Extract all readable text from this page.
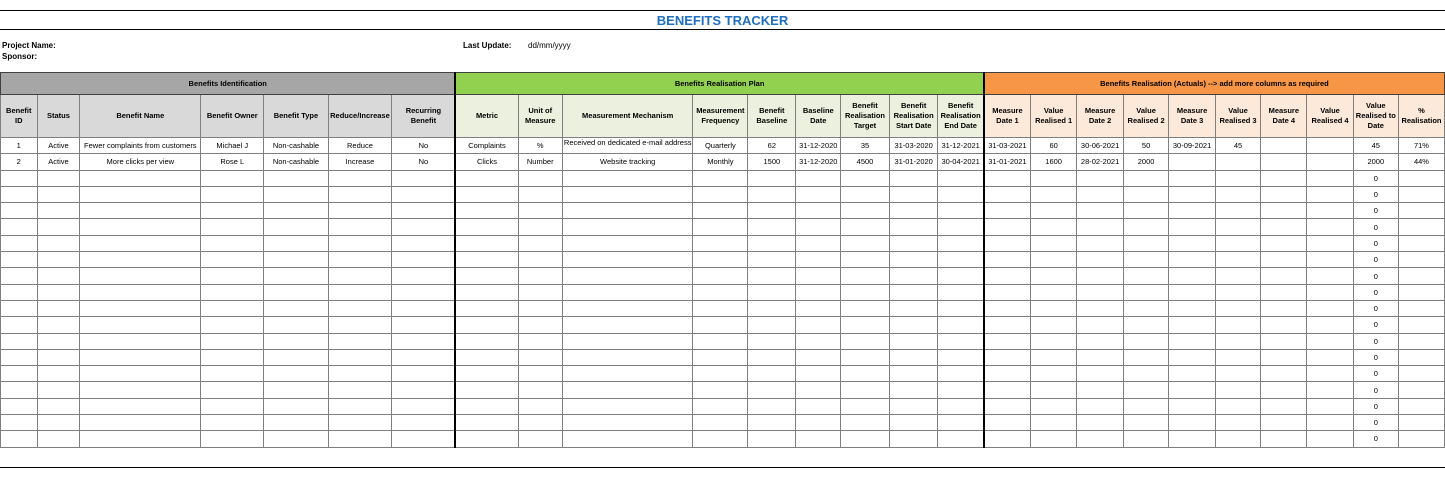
BENEFITS TRACKER
Project Name:
Sponsor:
Last Update: dd/mm/yyyy
Benefits Identification							Benefits Realisation Plan									Benefits Realisation (Actuals) --> add more columns as required									
Benefit ID	Status	Benefit Name	Benefit Owner	Benefit Type	Reduce/Increase	Recurring Benefit	Metric	Unit of Measure	Measurement Mechanism	Measurement Frequency	Benefit Baseline	Baseline Date	Benefit Realisation Target	Benefit Realisation Start Date	Benefit Realisation End Date	Measure Date 1	Value Realised 1	Measure Date 2	Value Realised 2	Measure Date 3	Value Realised 3	Measure Date 4	Value Realised 4	Value Realised to Date	% Realisation
1	Active	Fewer complaints from customers	Michael J	Non-cashable	Reduce	No	Complaints	%	Received on dedicated e-mail address	Quarterly	62	31-12-2020	35	31-03-2020	31-12-2021	31-03-2021	60	30-06-2021	50	30-09-2021	45			45	71%
2	Active	More clicks per view	Rose L	Non-cashable	Increase	No	Clicks	Number	Website tracking	Monthly	1500	31-12-2020	4500	31-01-2020	30-04-2021	31-01-2021	1600	28-02-2021	2000					2000	44%
																								0	
																								0	
																								0	
																								0	
																								0	
																								0	
																								0	
																								0	
																								0	
																								0	
																								0	
																								0	
																								0	
																								0	
																								0	
																								0	
																								0	
